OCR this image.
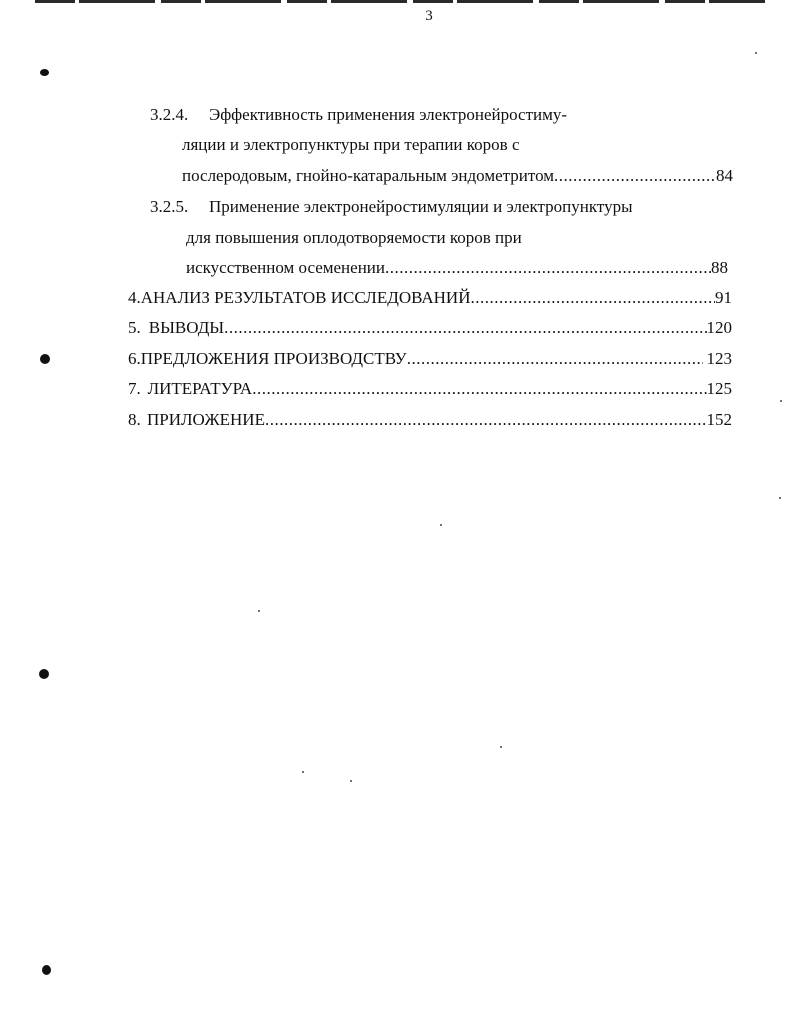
3
3.2.4.	Эффективность применения электронейростиму-
ляции и электропунктуры при терапии коров с
послеродовым, гнойно-катаральным эндометритом .....	84
3.2.5.	Применение электронейростимуляции и электропунктуры
для повышения оплодотворяемости коров при
искусственном осеменении .....	88
4. АНАЛИЗ РЕЗУЛЬТАТОВ ИССЛЕДОВАНИЙ .....	91
5. ВЫВОДЫ .....	120
6. ПРЕДЛОЖЕНИЯ ПРОИЗВОДСТВУ .....	123
7. ЛИТЕРАТУРА .....	125
8. ПРИЛОЖЕНИЕ .....	152
